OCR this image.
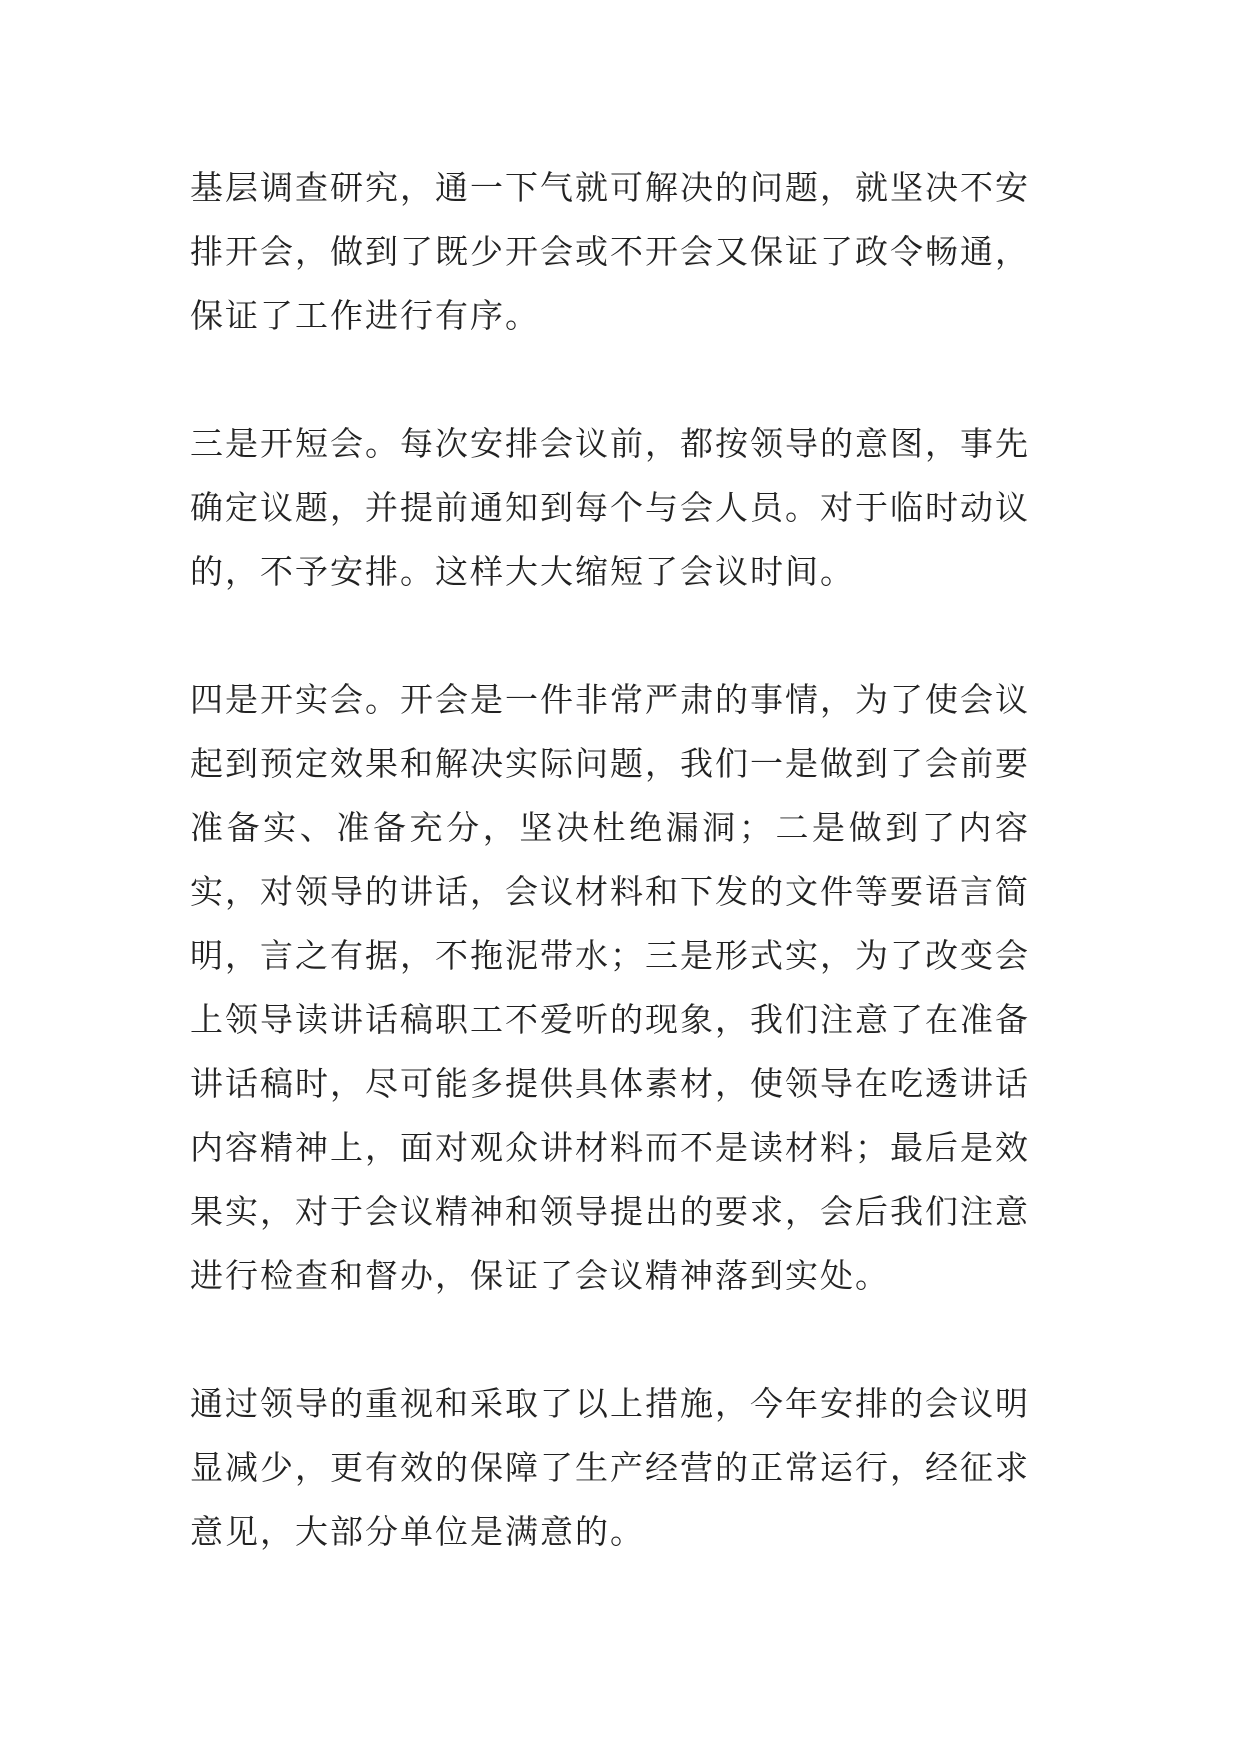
基层调查研究，通一下气就可解决的问题，就坚决不安排开会，做到了既少开会或不开会又保证了政令畅通，保证了工作进行有序。

三是开短会。每次安排会议前，都按领导的意图，事先确定议题，并提前通知到每个与会人员。对于临时动议的，不予安排。这样大大缩短了会议时间。

四是开实会。开会是一件非常严肃的事情，为了使会议起到预定效果和解决实际问题，我们一是做到了会前要准备实、准备充分，坚决杜绝漏洞；二是做到了内容实，对领导的讲话，会议材料和下发的文件等要语言简明，言之有据，不拖泥带水；三是形式实，为了改变会上领导读讲话稿职工不爱听的现象，我们注意了在准备讲话稿时，尽可能多提供具体素材，使领导在吃透讲话内容精神上，面对观众讲材料而不是读材料；最后是效果实，对于会议精神和领导提出的要求，会后我们注意进行检查和督办，保证了会议精神落到实处。

通过领导的重视和采取了以上措施，今年安排的会议明显减少，更有效的保障了生产经营的正常运行，经征求意见，大部分单位是满意的。
